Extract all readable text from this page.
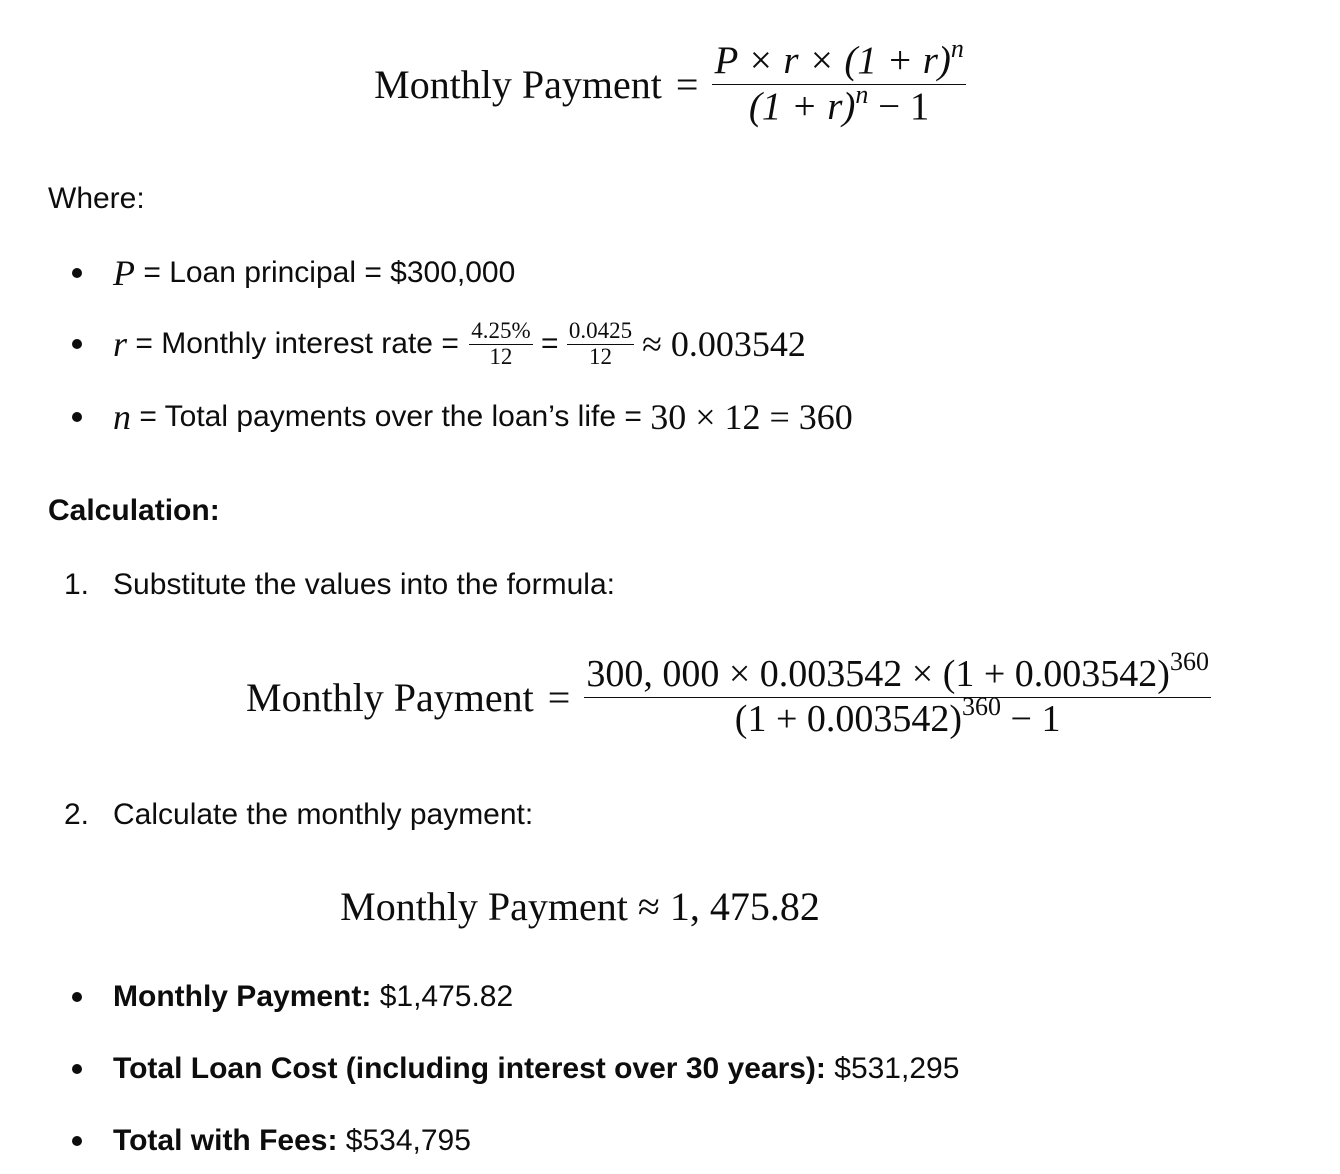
Monthly Payment = $\frac{P \times r \times (1 + r)^n}{(1 + r)^n - 1}$
Where:
P = Loan principal = $300,000
r = Monthly interest rate = $\frac{4.25\%}{12} = \frac{0.0425}{12} \approx 0.003542$
n = Total payments over the loan’s life = 30 × 12 = 360
Calculation:
1. Substitute the values into the formula:
Monthly Payment = $\frac{300, 000 \times 0.003542 \times (1 + 0.003542)^{360}}{(1 + 0.003542)^{360} - 1}$
2. Calculate the monthly payment:
Monthly Payment ≈ 1, 475.82
Monthly Payment: $1,475.82
Total Loan Cost (including interest over 30 years): $531,295
Total with Fees: $534,795
